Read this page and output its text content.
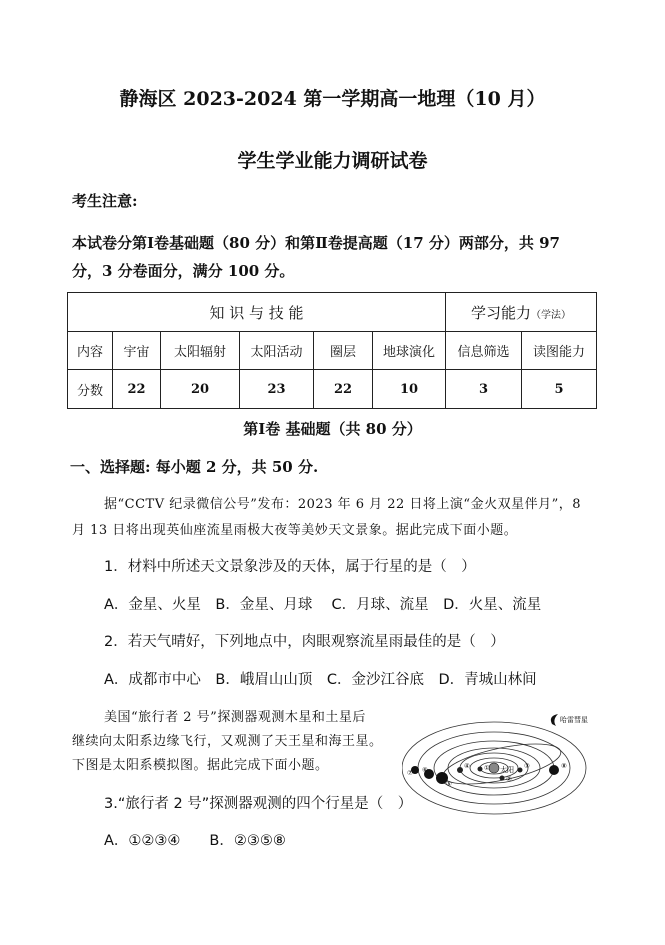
静海区 2023-2024 第一学期高一地理（10 月）
学生学业能力调研试卷
考生注意:
本试卷分第Ⅰ卷基础题（80 分）和第Ⅱ卷提高题（17 分）两部分，共 97
分，3 分卷面分，满分 100 分。
知 识 与 技 能						学习能力（学法）	
内容	宇宙	太阳辐射	太阳活动	圈层	地球演化	信息筛选	读图能力
分数	22	20	23	22	10	3	5
第Ⅰ卷 基础题（共 80 分）
一、选择题: 每小题 2 分，共 50 分.
据“CCTV 纪录微信公号”发布：2023 年 6 月 22 日将上演“金火双星伴月”，8
月 13 日将出现英仙座流星雨极大夜等美妙天文景象。据此完成下面小题。
1．材料中所述天文景象涉及的天体，属于行星的是（　）
A．金星、火星　B．金星、月球　 C．月球、流星　D．火星、流星
2．若天气晴好，下列地点中，肉眼观察流星雨最佳的是（　）
A．成都市中心　B．峨眉山山顶　C．金沙江谷底　D．青城山林间
美国“旅行者 2 号”探测器观测木星和土星后
继续向太阳系边缘飞行，又观测了天王星和海王星。
下图是太阳系模拟图。据此完成下面小题。	太阳
①
②
③
④
⑤
⑥
⑦
⑧
哈雷彗星
3.“旅行者 2 号”探测器观测的四个行星是（　）
A．①②③④　　B．②③⑤⑧
